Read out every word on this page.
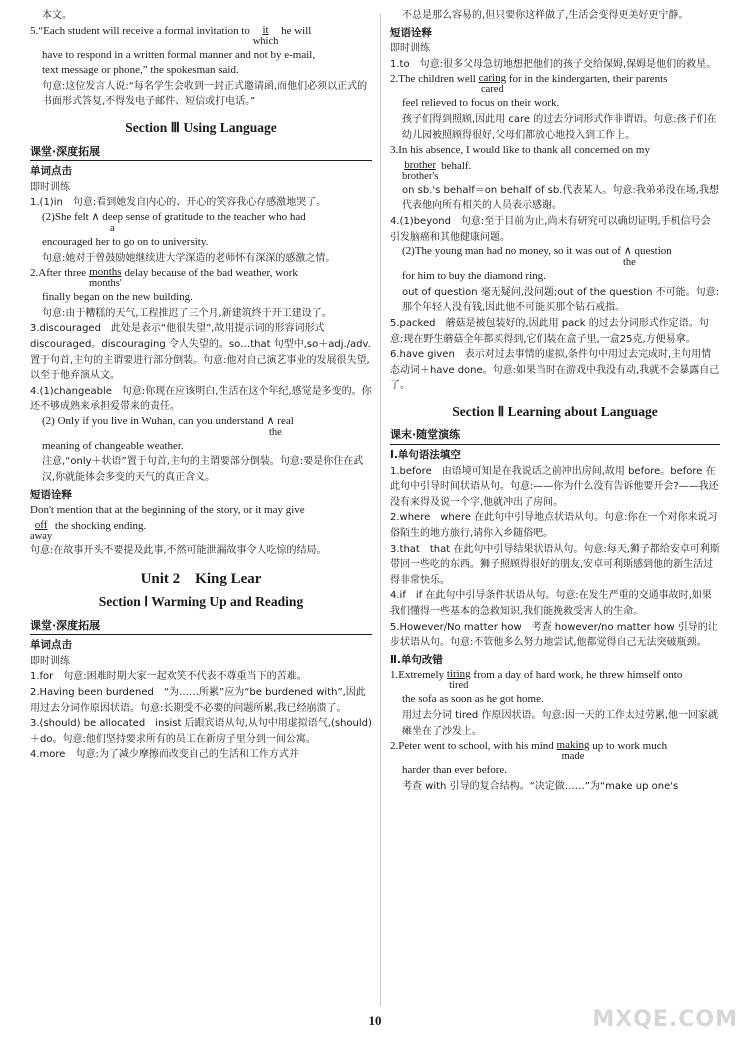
本文。

5.“Each student will receive a formal invitation to	it
which
he will

have to respond in a written formal manner and not by e-mail,

text message or phone,” the spokesman said.

句意:这位发言人说:“每名学生会收到一封正式邀请函,而他们必须以正式的书面形式答复,不得发电子邮件、短信或打电话。”

Section Ⅲ Using Language
课堂·深度拓展
单词点击
即时训练

1.(1)in　句意:看到她发自内心的、开心的笑容我心存感激地哭了。

(2)She felt ∧ deep sense of gratitude to the teacher who had
a

encouraged her to go on to university.

句意:她对于曾鼓励她继续进大学深造的老师怀有深深的感激之情。

2.After three months
months'
delay because of the bad weather, work

finally began on the new building.

句意:由于糟糕的天气,工程推迟了三个月,新建筑终于开工建设了。

3.discouraged　此处是表示“他很失望”,故用提示词的形容词形式 discouraged。discouraging 令人失望的。so…that 句型中,so＋adj./adv.置于句首,主句的主谓要进行部分倒装。句意:他对自己演艺事业的发展很失望,以至于他弃演从文。

4.(1)changeable　句意:你现在应该明白,生活在这个年纪,感觉是多变的。你还不够成熟来承担爱带来的责任。

(2) Only if you live in Wuhan, can you understand ∧ real
the

meaning of changeable weather.

注意,“only＋状语”置于句首,主句的主谓要部分倒装。句意:要是你住在武汉,你就能体会多变的天气的真正含义。

短语诠释

Don't mention that at the beginning of the story, or it may give

off
away
the shocking ending.

句意:在故事开头不要提及此事,不然可能泄漏故事令人吃惊的结局。

Unit 2　King Lear
Section Ⅰ Warming Up and Reading
课堂·深度拓展
单词点击
即时训练

1.for　句意:困难时期大家一起欢笑不代表不尊重当下的苦难。

2.Having been burdened　“为……所累”应为“be burdened with”,因此用过去分词作原因状语。句意:长期受不必要的问题所累,我已经崩溃了。

3.(should) be allocated　insist 后跟宾语从句,从句中用虚拟语气,(should)＋do。句意:他们坚持要求所有的员工在新房子里分到一间公寓。

4.more　句意:为了减少摩擦而改变自己的生活和工作方式并

不总是那么容易的,但只要你这样做了,生活会变得更美好更宁静。

短语诠释
即时训练

1.to　句意:很多父母急切地想把他们的孩子交给保姆,保姆是他们的救星。

2.The children well caring
cared
for in the kindergarten, their parents

feel relieved to focus on their work.

孩子们得到照顾,因此用 care 的过去分词形式作非谓语。句意:孩子们在幼儿园被照顾得很好,父母们都放心地投入到工作上。

3.In his absence, I would like to thank all concerned on my

brother
brother's
behalf.

on sb.'s behalf＝on behalf of sb.代表某人。句意:我弟弟没在场,我想代表他向所有相关的人员表示感谢。

4.(1)beyond　句意:至于目前为止,尚未有研究可以确切证明,手机信号会引发脑癌和其他健康问题。

(2)The young man had no money, so it was out of ∧ question
the

for him to buy the diamond ring.

out of question 毫无疑问,没问题;out of the question 不可能。句意:那个年轻人没有钱,因此他不可能买那个钻石戒指。

5.packed　蘑菇是被包装好的,因此用 pack 的过去分词形式作定语。句意:现在野生蘑菇全年都买得到,它们装在盒子里,一盒25克,方便易拿。

6.have given　表示对过去事情的虚拟,条件句中用过去完成时,主句用情态动词＋have done。句意:如果当时在游戏中我没有动,我就不会暴露自己了。

Section Ⅱ Learning about Language
课末·随堂演练
Ⅰ.单句语法填空

1.before　由语境可知是在我说话之前冲出房间,故用 before。before 在此句中引导时间状语从句。句意:——你为什么没有告诉他要开会?——我还没有来得及说一个字,他就冲出了房间。

2.where　where 在此句中引导地点状语从句。句意:你在一个对你来说习俗陌生的地方旅行,请你入乡随俗吧。

3.that　that 在此句中引导结果状语从句。句意:每天,狮子都给安卓可利斯带回一些吃的东西。狮子照顾得很好的朋友,安卓可利斯感到他的新生活过得非常快乐。

4.if　if 在此句中引导条件状语从句。句意:在发生严重的交通事故时,如果我们懂得一些基本的急救知识,我们能挽救受害人的生命。

5.However/No matter how　考查 however/no matter how 引导的让步状语从句。句意:不管他多么努力地尝试,他都觉得自己无法突破瓶颈。

Ⅱ.单句改错
1.Extremely tiring
tired
from a day of hard work, he threw himself onto

the sofa as soon as he got home.

用过去分词 tired 作原因状语。句意:因一天的工作太过劳累,他一回家就瘫坐在了沙发上。

2.Peter went to school, with his mind making
made
up to work much

harder than ever before.

考查 with 引导的复合结构。“决定做……”为“make up one's

10	MXQE.COM
